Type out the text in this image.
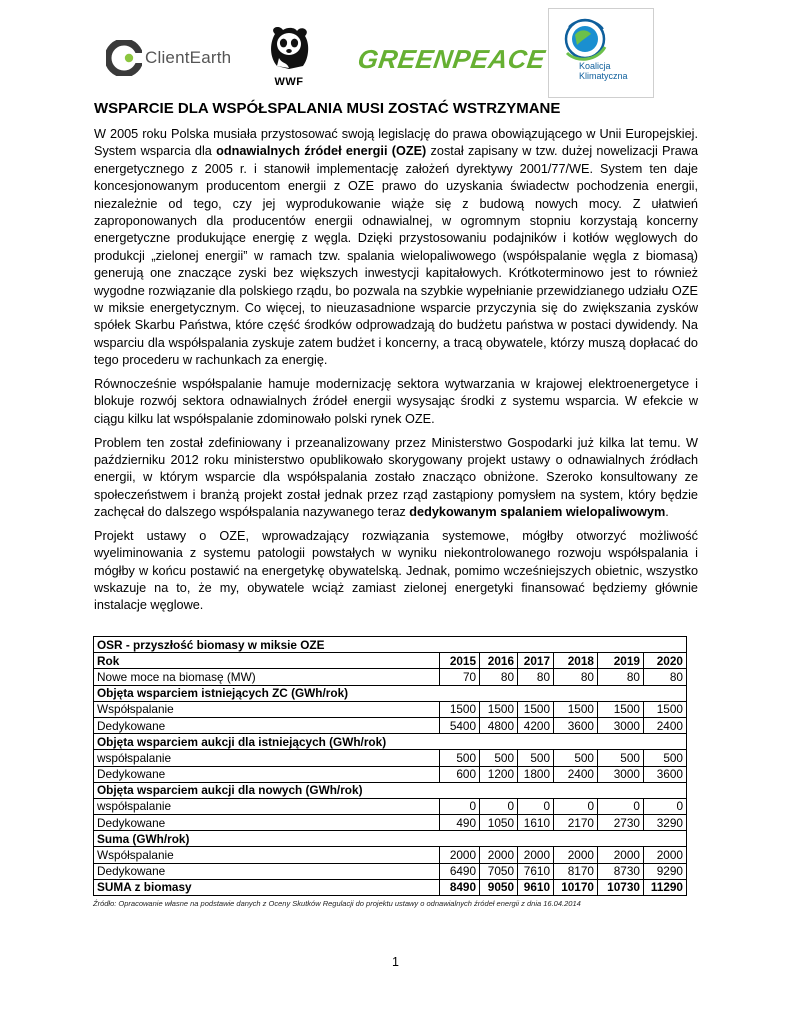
ClientEarth
WWF
GREENPEACE	Koalicja
Klimatyczna
WSPARCIE DLA WSPÓŁSPALANIA MUSI ZOSTAĆ WSTRZYMANE

W 2005 roku Polska musiała przystosować swoją legislację do prawa obowiązującego w Unii Europejskiej. System wsparcia dla odnawialnych źródeł energii (OZE) został zapisany w tzw. dużej nowelizacji Prawa energetycznego z 2005 r. i stanowił implementację założeń dyrektywy 2001/77/WE. System ten daje koncesjonowanym producentom energii z OZE prawo do uzyskania świadectw pochodzenia energii, niezależnie od tego, czy jej wyprodukowanie wiąże się z budową nowych mocy. Z ułatwień zaproponowanych dla producentów energii odnawialnej, w ogromnym stopniu korzystają koncerny energetyczne produkujące energię z węgla. Dzięki przystosowaniu podajników i kotłów węglowych do produkcji „zielonej energii” w ramach tzw. spalania wielopaliwowego (współspalanie węgla z biomasą) generują one znaczące zyski bez większych inwestycji kapitałowych. Krótkoterminowo jest to również wygodne rozwiązanie dla polskiego rządu, bo pozwala na szybkie wypełnianie przewidzianego udziału OZE w miksie energetycznym. Co więcej, to nieuzasadnione wsparcie przyczynia się do zwiększania zysków spółek Skarbu Państwa, które część środków odprowadzają do budżetu państwa w postaci dywidendy. Na wsparciu dla współspalania zyskuje zatem budżet i koncerny, a tracą obywatele, którzy muszą dopłacać do tego procederu w rachunkach za energię.

Równocześnie współspalanie hamuje modernizację sektora wytwarzania w krajowej elektroenergetyce i blokuje rozwój sektora odnawialnych źródeł energii wysysając środki z systemu wsparcia. W efekcie w ciągu kilku lat współspalanie zdominowało polski rynek OZE.

Problem ten został zdefiniowany i przeanalizowany przez Ministerstwo Gospodarki już kilka lat temu. W październiku 2012 roku ministerstwo opublikowało skorygowany projekt ustawy o odnawialnych źródłach energii, w którym wsparcie dla współspalania zostało znacząco obniżone. Szeroko konsultowany ze społeczeństwem i branżą projekt został jednak przez rząd zastąpiony pomysłem na system, który będzie zachęcał do dalszego współspalania nazywanego teraz dedykowanym spalaniem wielopaliwowym.

Projekt ustawy o OZE, wprowadzający rozwiązania systemowe, mógłby otworzyć możliwość wyeliminowania z systemu patologii powstałych w wyniku niekontrolowanego rozwoju współspalania i mógłby w końcu postawić na energetykę obywatelską. Jednak, pomimo wcześniejszych obietnic, wszystko wskazuje na to, że my, obywatele wciąż zamiast zielonej energetyki finansować będziemy głównie instalacje węglowe.

OSR - przyszłość biomasy w miksie OZE						
Rok	2015	2016	2017	2018	2019	2020
Nowe moce na biomasę (MW)	70	80	80	80	80	80
Objęta wsparciem istniejących ZC (GWh/rok)						
Współspalanie	1500	1500	1500	1500	1500	1500
Dedykowane	5400	4800	4200	3600	3000	2400
Objęta wsparciem aukcji dla istniejących (GWh/rok)						
współspalanie	500	500	500	500	500	500
Dedykowane	600	1200	1800	2400	3000	3600
Objęta wsparciem aukcji dla nowych (GWh/rok)						
współspalanie	0	0	0	0	0	0
Dedykowane	490	1050	1610	2170	2730	3290
Suma (GWh/rok)						
Współspalanie	2000	2000	2000	2000	2000	2000
Dedykowane	6490	7050	7610	8170	8730	9290
SUMA z biomasy	8490	9050	9610	10170	10730	11290
Źródło: Opracowanie własne na podstawie danych z Oceny Skutków Regulacji do projektu ustawy o odnawialnych źródeł energii z dnia 16.04.2014
1
